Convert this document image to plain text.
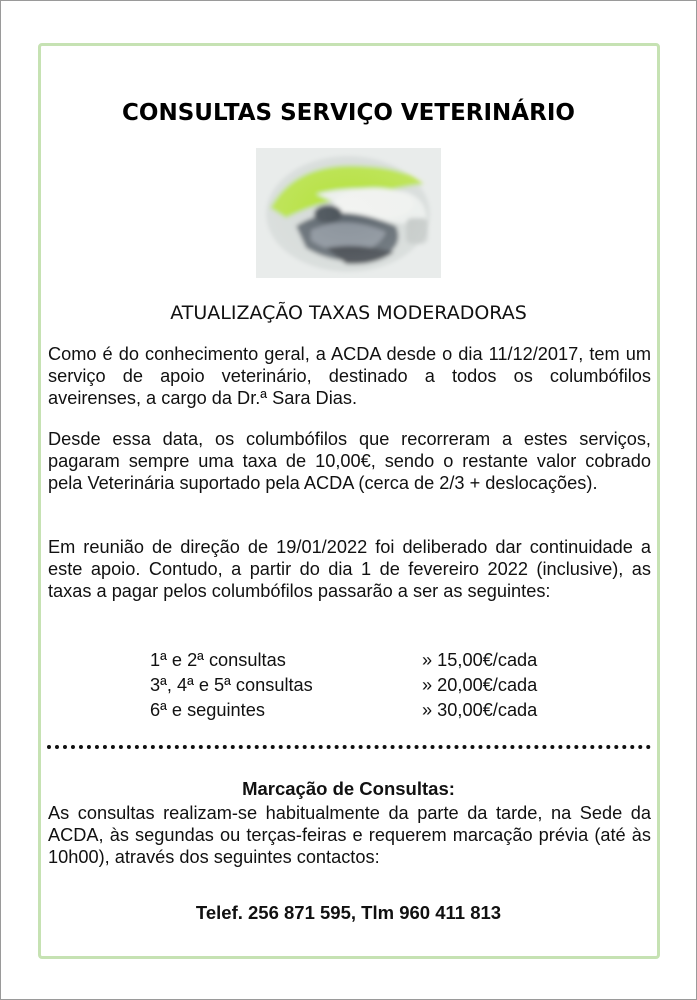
CONSULTAS SERVIÇO VETERINÁRIO
ATUALIZAÇÃO TAXAS MODERADORAS

Como é do conhecimento geral, a ACDA desde o dia 11/12/2017, tem um serviço de apoio veterinário, destinado a todos os columbófilos aveirenses, a cargo da Dr.ª Sara Dias.

Desde essa data, os columbófilos que recorreram a estes serviços, pagaram sempre uma taxa de 10,00€, sendo o restante valor cobrado pela Veterinária suportado pela ACDA (cerca de 2/3 + deslocações).

Em reunião de direção de 19/01/2022 foi deliberado dar continuidade a este apoio. Contudo, a partir do dia 1 de fevereiro 2022 (inclusive), as taxas a pagar pelos columbófilos passarão a ser as seguintes:

1ª e 2ª consultas	» 15,00€/cada
3ª, 4ª e 5ª consultas	» 20,00€/cada
6ª e seguintes	» 30,00€/cada
Marcação de Consultas:

As consultas realizam-se habitualmente da parte da tarde, na Sede da ACDA, às segundas ou terças-feiras e requerem marcação prévia (até às 10h00), através dos seguintes contactos:

Telef. 256 871 595, Tlm 960 411 813
